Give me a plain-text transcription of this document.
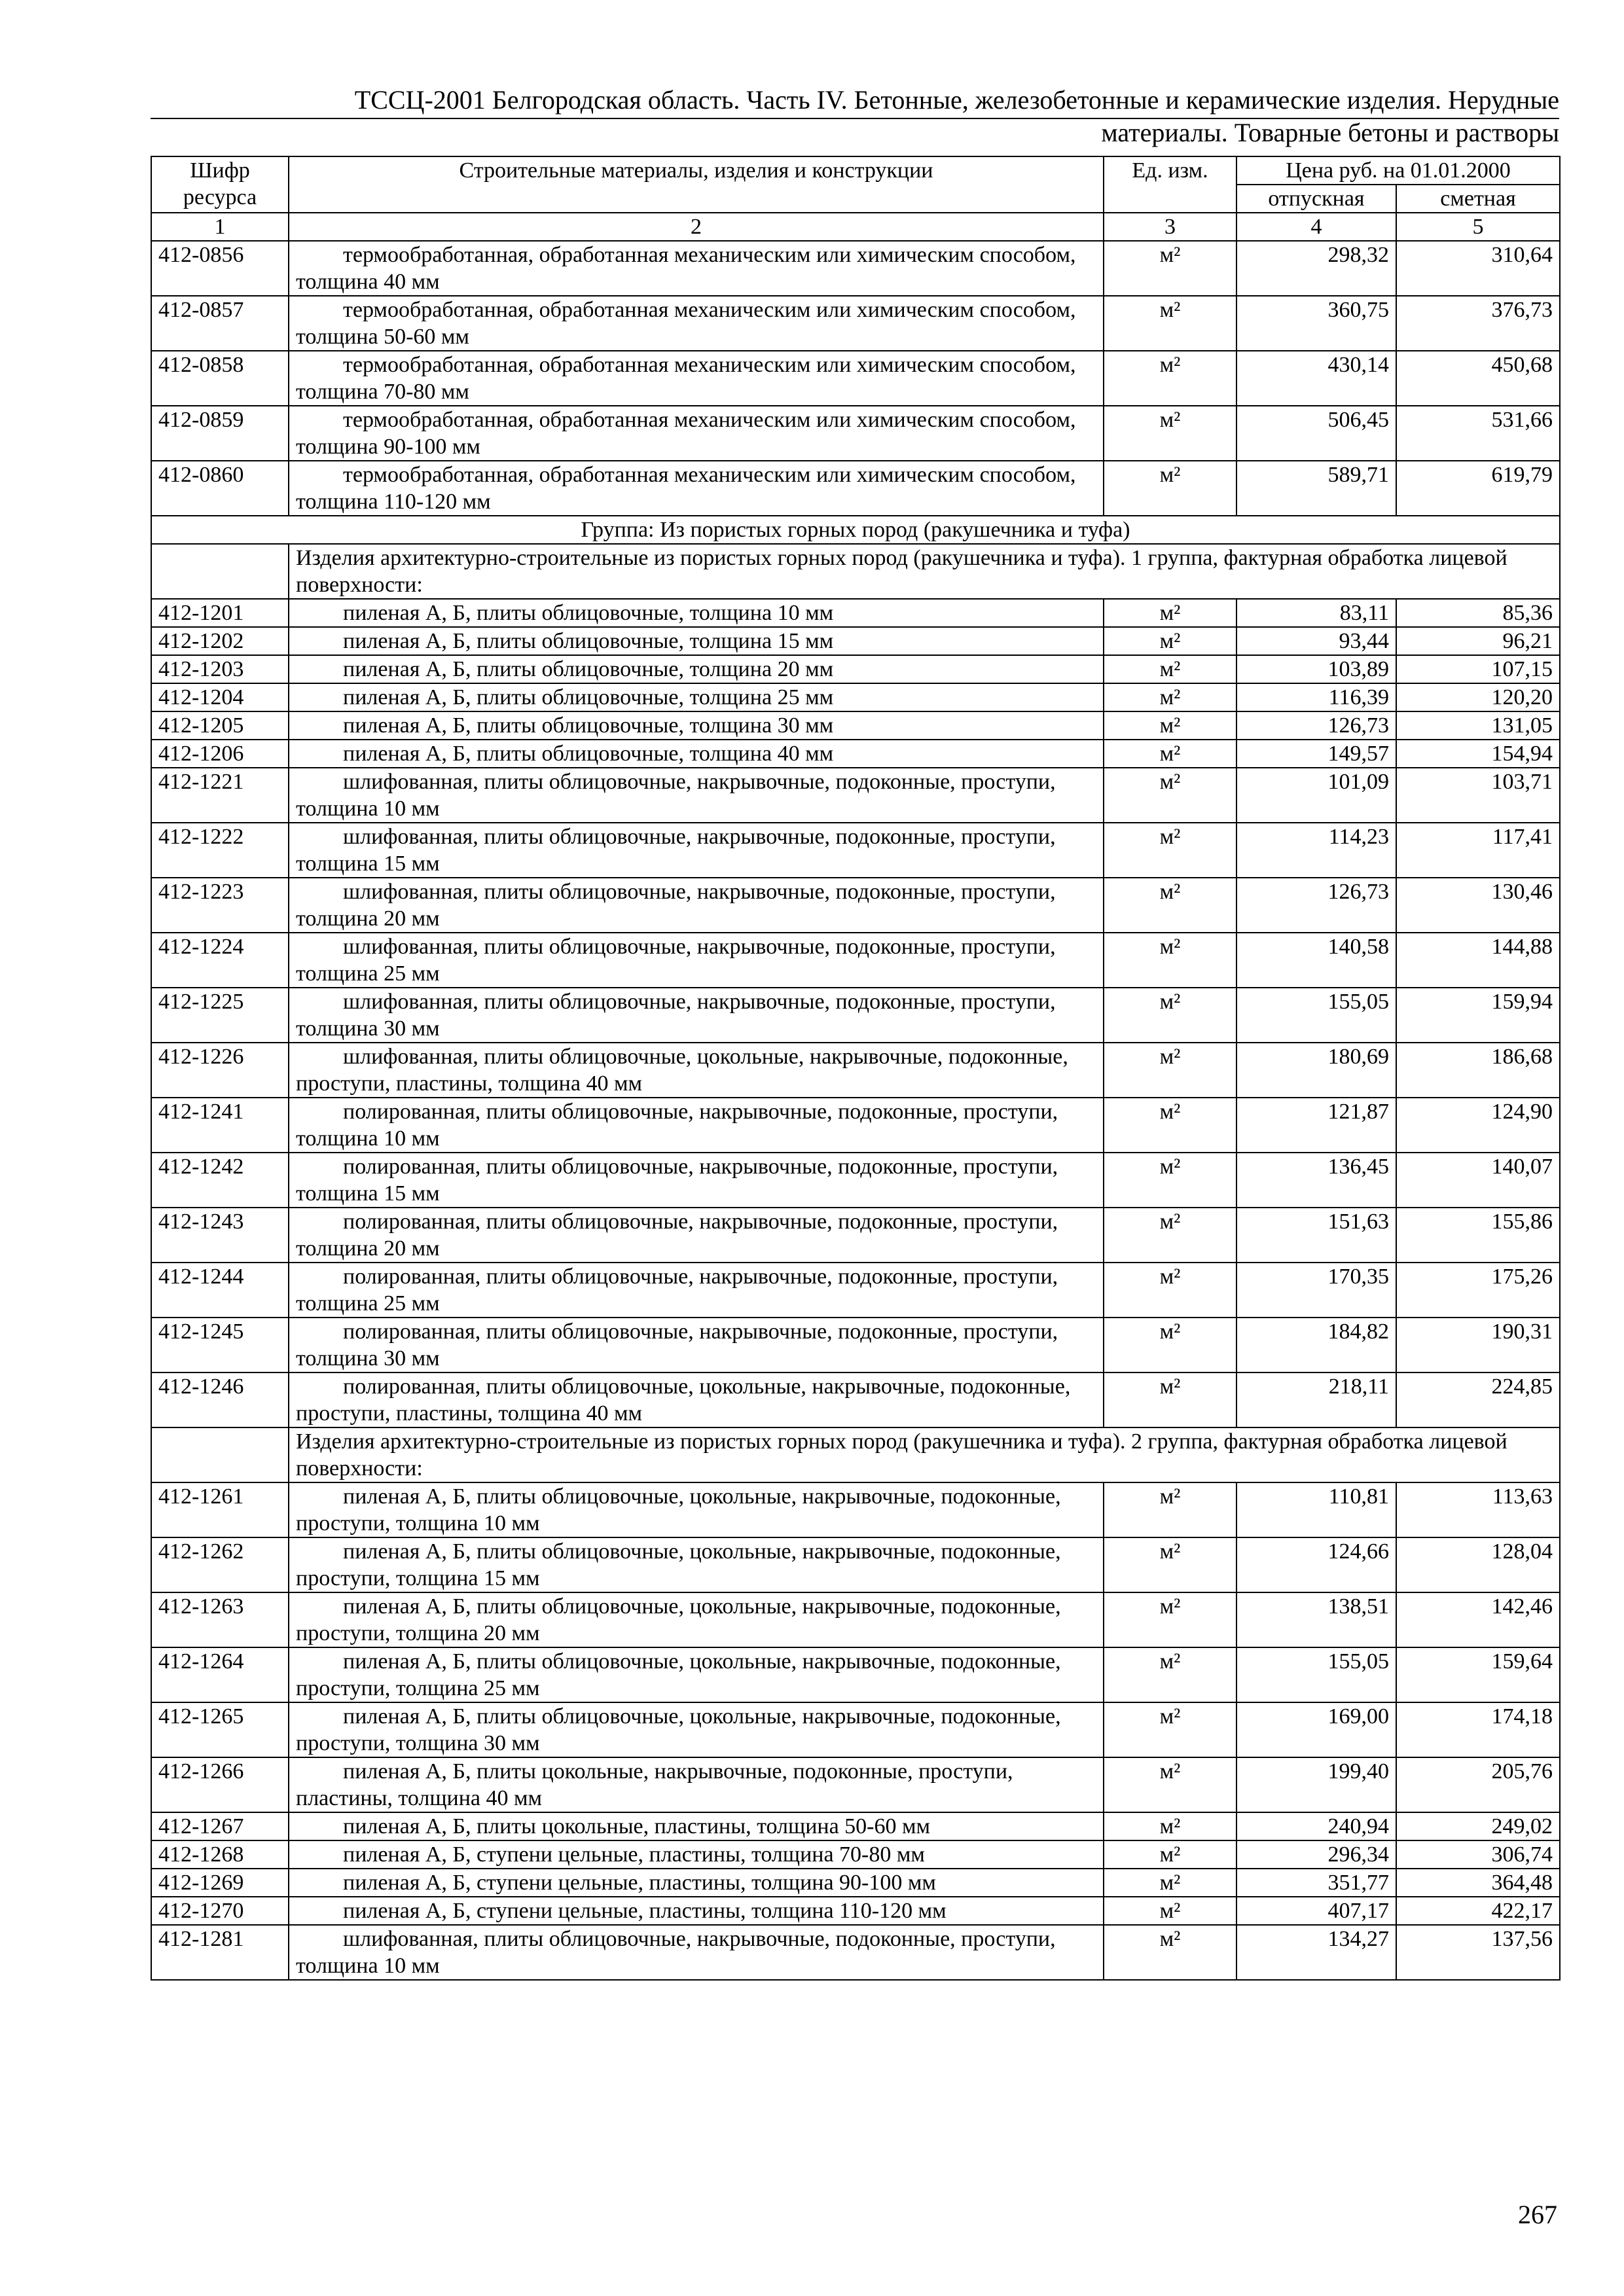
ТССЦ-2001 Белгородская область. Часть IV. Бетонные, железобетонные и керамические изделия. Нерудные
материалы. Товарные бетоны и растворы
Шифр ресурса	Строительные материалы, изделия и конструкции	Ед. изм.	Цена руб. на 01.01.2000	
			отпускная	сметная
1	2	3	4	5
412-0856	термообработанная, обработанная механическим или химическим способом, толщина 40 мм	м²	298,32	310,64
412-0857	термообработанная, обработанная механическим или химическим способом, толщина 50-60 мм	м²	360,75	376,73
412-0858	термообработанная, обработанная механическим или химическим способом, толщина 70-80 мм	м²	430,14	450,68
412-0859	термообработанная, обработанная механическим или химическим способом, толщина 90-100 мм	м²	506,45	531,66
412-0860	термообработанная, обработанная механическим или химическим способом, толщина 110-120 мм	м²	589,71	619,79
Группа: Из пористых горных пород (ракушечника и туфа)				
	Изделия архитектурно-строительные из пористых горных пород (ракушечника и туфа). 1 группа, фактурная обработка лицевой поверхности:			
412-1201	пиленая А, Б, плиты облицовочные, толщина 10 мм	м²	83,11	85,36
412-1202	пиленая А, Б, плиты облицовочные, толщина 15 мм	м²	93,44	96,21
412-1203	пиленая А, Б, плиты облицовочные, толщина 20 мм	м²	103,89	107,15
412-1204	пиленая А, Б, плиты облицовочные, толщина 25 мм	м²	116,39	120,20
412-1205	пиленая А, Б, плиты облицовочные, толщина 30 мм	м²	126,73	131,05
412-1206	пиленая А, Б, плиты облицовочные, толщина 40 мм	м²	149,57	154,94
412-1221	шлифованная, плиты облицовочные, накрывочные, подоконные, проступи, толщина 10 мм	м²	101,09	103,71
412-1222	шлифованная, плиты облицовочные, накрывочные, подоконные, проступи, толщина 15 мм	м²	114,23	117,41
412-1223	шлифованная, плиты облицовочные, накрывочные, подоконные, проступи, толщина 20 мм	м²	126,73	130,46
412-1224	шлифованная, плиты облицовочные, накрывочные, подоконные, проступи, толщина 25 мм	м²	140,58	144,88
412-1225	шлифованная, плиты облицовочные, накрывочные, подоконные, проступи, толщина 30 мм	м²	155,05	159,94
412-1226	шлифованная, плиты облицовочные, цокольные, накрывочные, подоконные, проступи, пластины, толщина 40 мм	м²	180,69	186,68
412-1241	полированная, плиты облицовочные, накрывочные, подоконные, проступи, толщина 10 мм	м²	121,87	124,90
412-1242	полированная, плиты облицовочные, накрывочные, подоконные, проступи, толщина 15 мм	м²	136,45	140,07
412-1243	полированная, плиты облицовочные, накрывочные, подоконные, проступи, толщина 20 мм	м²	151,63	155,86
412-1244	полированная, плиты облицовочные, накрывочные, подоконные, проступи, толщина 25 мм	м²	170,35	175,26
412-1245	полированная, плиты облицовочные, накрывочные, подоконные, проступи, толщина 30 мм	м²	184,82	190,31
412-1246	полированная, плиты облицовочные, цокольные, накрывочные, подоконные, проступи, пластины, толщина 40 мм	м²	218,11	224,85
	Изделия архитектурно-строительные из пористых горных пород (ракушечника и туфа). 2 группа, фактурная обработка лицевой поверхности:			
412-1261	пиленая А, Б, плиты облицовочные, цокольные, накрывочные, подоконные, проступи, толщина 10 мм	м²	110,81	113,63
412-1262	пиленая А, Б, плиты облицовочные, цокольные, накрывочные, подоконные, проступи, толщина 15 мм	м²	124,66	128,04
412-1263	пиленая А, Б, плиты облицовочные, цокольные, накрывочные, подоконные, проступи, толщина 20 мм	м²	138,51	142,46
412-1264	пиленая А, Б, плиты облицовочные, цокольные, накрывочные, подоконные, проступи, толщина 25 мм	м²	155,05	159,64
412-1265	пиленая А, Б, плиты облицовочные, цокольные, накрывочные, подоконные, проступи, толщина 30 мм	м²	169,00	174,18
412-1266	пиленая А, Б, плиты цокольные, накрывочные, подоконные, проступи, пластины, толщина 40 мм	м²	199,40	205,76
412-1267	пиленая А, Б, плиты цокольные, пластины, толщина 50-60 мм	м²	240,94	249,02
412-1268	пиленая А, Б, ступени цельные, пластины, толщина 70-80 мм	м²	296,34	306,74
412-1269	пиленая А, Б, ступени цельные, пластины, толщина 90-100 мм	м²	351,77	364,48
412-1270	пиленая А, Б, ступени цельные, пластины, толщина 110-120 мм	м²	407,17	422,17
412-1281	шлифованная, плиты облицовочные, накрывочные, подоконные, проступи, толщина 10 мм	м²	134,27	137,56
267
